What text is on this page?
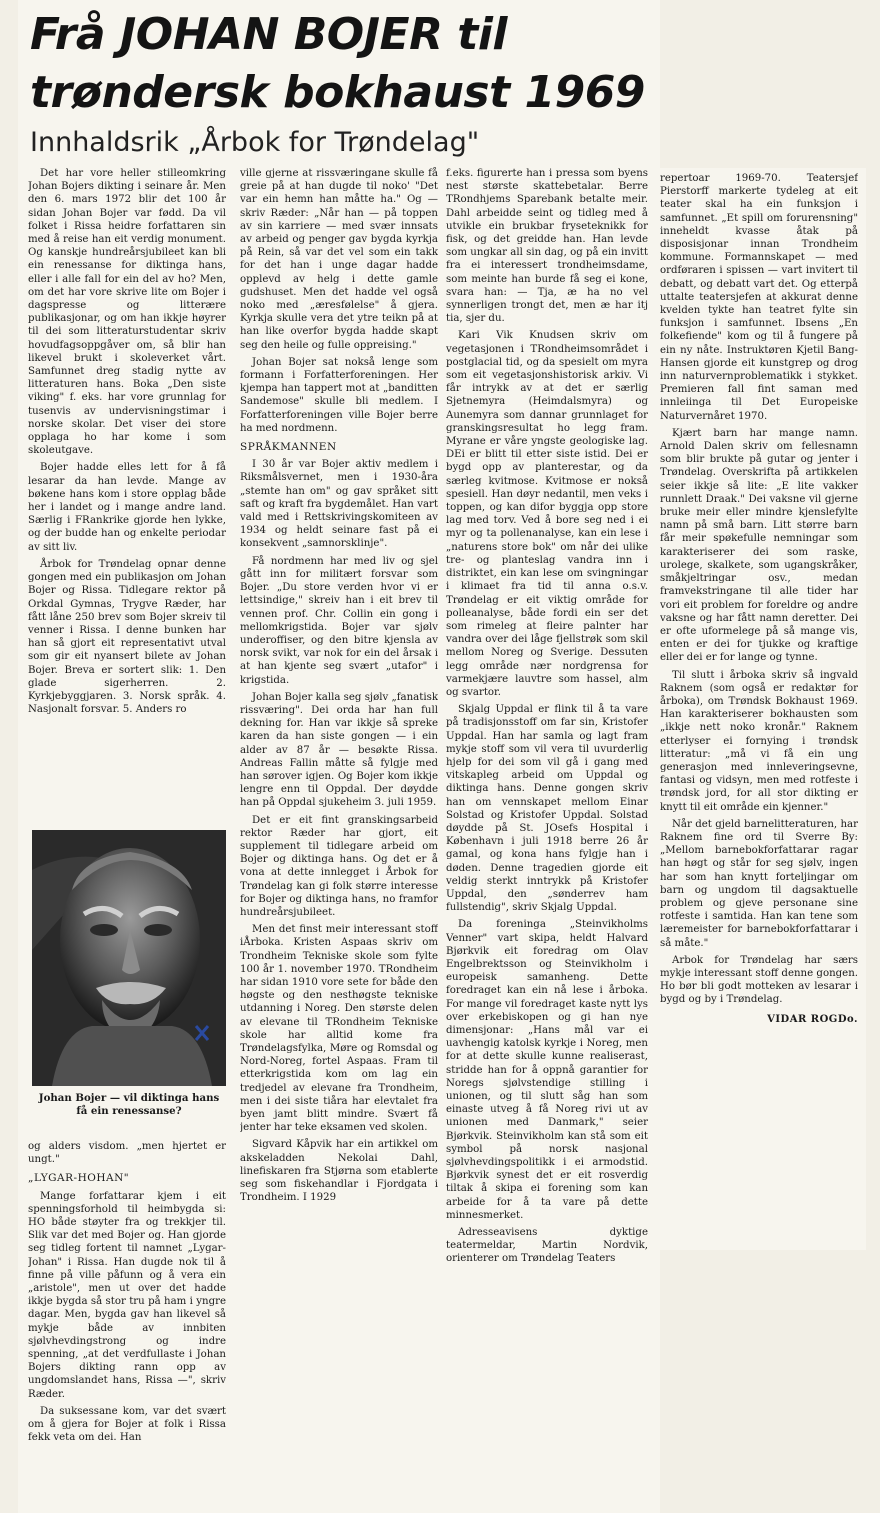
Frå JOHAN BOJER til
trøndersk bokhaust 1969
Innhaldsrik „Årbok for Trøndelag"

Det har vore heller stilleomkring Johan Bojers dikting i seinare år. Men den 6. mars 1972 blir det 100 år sidan Johan Bojer var fødd. Da vil folket i Rissa heidre forfattaren sin med å reise han eit verdig monument. Og kanskje hundreårsjubileet kan bli ein renessanse for diktinga hans, eller i alle fall for ein del av ho? Men, om det har vore skrive lite om Bojer i dagspresse og litterære publikasjonar, og om han ikkje høyrer til dei som litteraturstudentar skriv hovudfagsoppgåver om, så blir han likevel brukt i skoleverket vårt. Samfunnet dreg stadig nytte av litteraturen hans. Boka „Den siste viking" f. eks. har vore grunnlag for tusenvis av undervisningstimar i norske skolar. Det viser dei store opplaga ho har kome i som skoleutgave.

Bojer hadde elles lett for å få lesarar da han levde. Mange av bøkene hans kom i store opplag både her i landet og i mange andre land. Særlig i FRankrike gjorde hen lykke, og der budde han og enkelte periodar av sitt liv.

Årbok for Trøndelag opnar denne gongen med ein publikasjon om Johan Bojer og Rissa. Tidlegare rektor på Orkdal Gymnas, Trygve Ræder, har fått låne 250 brev som Bojer skreiv til venner i Rissa. I denne bunken har han så gjort eit representativt utval som gir eit nyansert bilete av Johan Bojer. Breva er sortert slik: 1. Den glade sigerherren. 2. Kyrkjebyggjaren. 3. Norsk språk. 4. Nasjonalt forsvar. 5. Anders ro

Johan Bojer — vil diktinga hans få ein renessanse?

og alders visdom. „men hjertet er ungt."

„LYGAR-HOHAN"

Mange forfattarar kjem i eit spenningsforhold til heimbygda si: HO både støyter fra og trekkjer til. Slik var det med Bojer og. Han gjorde seg tidleg fortent til namnet „Lygar-Johan" i Rissa. Han dugde nok til å finne på ville påfunn og å vera ein „aristole", men ut over det hadde ikkje bygda så stor tru på ham i yngre dagar. Men, bygda gav han likevel så mykje både av innbiten sjølvhevdingstrong og indre spenning, „at det verdfullaste i Johan Bojers dikting rann opp av ungdomslandet hans, Rissa —", skriv Ræder.

Da suksessane kom, var det svært om å gjera for Bojer at folk i Rissa fekk veta om dei. Han

ville gjerne at rissværingane skulle få greie på at han dugde til noko' "Det var ein hemn han måtte ha." Og — skriv Ræder: „Når han — på toppen av sin karriere — med svær innsats av arbeid og penger gav bygda kyrkja på Rein, så var det vel som ein takk for det han i unge dagar hadde opplevd av helg i dette gamle gudshuset. Men det hadde vel også noko med „æresfølelse" å gjera. Kyrkja skulle vera det ytre teikn på at han like overfor bygda hadde skapt seg den heile og fulle oppreising."

Johan Bojer sat nokså lenge som formann i Forfatterforeningen. Her kjempa han tappert mot at „banditten Sandemose" skulle bli medlem. I Forfatterforeningen ville Bojer berre ha med nordmenn.

SPRÅKMANNEN

I 30 år var Bojer aktiv medlem i Riksmålsvernet, men i 1930-åra „stemte han om" og gav språket sitt saft og kraft fra bygdemålet. Han vart vald med i Rettskrivingskomiteen av 1934 og heldt seinare fast på ei konsekvent „samnorsklinje".

Få nordmenn har med liv og sjel gått inn for militært forsvar som Bojer. „Du store verden hvor vi er lettsindige," skreiv han i eit brev til vennen prof. Chr. Collin ein gong i mellomkrigstida. Bojer var sjølv underoffiser, og den bitre kjensla av norsk svikt, var nok for ein del årsak i at han kjente seg svært „utafor" i krigstida.

Johan Bojer kalla seg sjølv „fanatisk rissværing". Dei orda har han full dekning for. Han var ikkje så spreke karen da han siste gongen — i ein alder av 87 år — besøkte Rissa. Andreas Fallin måtte så fylgje med han sørover igjen. Og Bojer kom ikkje lengre enn til Oppdal. Der døydde han på Oppdal sjukeheim 3. juli 1959.

Det er eit fint granskingsarbeid rektor Ræder har gjort, eit supplement til tidlegare arbeid om Bojer og diktinga hans. Og det er å vona at dette innlegget i Årbok for Trøndelag kan gi folk større interesse for Bojer og diktinga hans, no framfor hundreårsjubileet.

Men det finst meir interessant stoff iÅrboka. Kristen Aspaas skriv om Trondheim Tekniske skole som fylte 100 år 1. november 1970. TRondheim har sidan 1910 vore sete for både den høgste og den nesthøgste tekniske utdanning i Noreg. Den største delen av elevane til TRondheim Tekniske skole har alltid kome fra Trøndelagsfylka, Møre og Romsdal og Nord-Noreg, fortel Aspaas. Fram til etterkrigstida kom om lag ein tredjedel av elevane fra Trondheim, men i dei siste tiåra har elevtalet fra byen jamt blitt mindre. Svært få jenter har teke eksamen ved skolen.

Sigvard Kåpvik har ein artikkel om akskeladden Nekolai Dahl, linefiskaren fra Stjørna som etablerte seg som fiskehandlar i Fjordgata i Trondheim. I 1929

f.eks. figurerte han i pressa som byens nest største skattebetalar. Berre TRondhjems Sparebank betalte meir. Dahl arbeidde seint og tidleg med å utvikle ein brukbar fryseteknikk for fisk, og det greidde han. Han levde som ungkar all sin dag, og på ein invitt fra ei interessert trondheimsdame, som meinte han burde få seg ei kone, svara han: — Tja, æ ha no vel synnerligen trongt det, men æ har itj tia, sjer du.

Kari Vik Knudsen skriv om vegetasjonen i TRondheimsområdet i postglacial tid, og da spesielt om myra som eit vegetasjonshistorisk arkiv. Vi får intrykk av at det er særlig Sjetnemyra (Heimdalsmyra) og Aunemyra som dannar grunnlaget for granskingsresultat ho legg fram. Myrane er våre yngste geologiske lag. DEi er blitt til etter siste istid. Dei er bygd opp av planterestar, og da særleg kvitmose. Kvitmose er nokså spesiell. Han døyr nedantil, men veks i toppen, og kan difor byggja opp store lag med torv. Ved å bore seg ned i ei myr og ta pollenanalyse, kan ein lese i „naturens store bok" om når dei ulike tre- og planteslag vandra inn i distriktet, ein kan lese om svingningar i klimaet fra tid til anna o.s.v. Trøndelag er eit viktig område for polleanalyse, både fordi ein ser det som rimeleg at fleire palnter har vandra over dei låge fjellstrøk som skil mellom Noreg og Sverige. Dessuten legg område nær nordgrensa for varmekjære lauvtre som hassel, alm og svartor.

Skjalg Uppdal er flink til å ta vare på tradisjonsstoff om far sin, Kristofer Uppdal. Han har samla og lagt fram mykje stoff som vil vera til uvurderlig hjelp for dei som vil gå i gang med vitskapleg arbeid om Uppdal og diktinga hans. Denne gongen skriv han om vennskapet mellom Einar Solstad og Kristofer Uppdal. Solstad døydde på St. JOsefs Hospital i København i juli 1918 berre 26 år gamal, og kona hans fylgje han i døden. Denne tragedien gjorde eit veldig sterkt inntrykk på Kristofer Uppdal, den „sønderrev ham fullstendig", skriv Skjalg Uppdal.

Da foreninga „Steinvikholms Venner" vart skipa, heldt Halvard Bjørkvik eit foredrag om Olav Engelbrektsson og Steinvikholm i europeisk samanheng. Dette foredraget kan ein nå lese i årboka. For mange vil foredraget kaste nytt lys over erkebiskopen og gi han nye dimensjonar: „Hans mål var ei uavhengig katolsk kyrkje i Noreg, men for at dette skulle kunne realiserast, stridde han for å oppnå garantier for Noregs sjølvstendige stilling i unionen, og til slutt såg han som einaste utveg å få Noreg rivi ut av unionen med Danmark," seier Bjørkvik. Steinvikholm kan stå som eit symbol på norsk nasjonal sjølvhevdingspolitikk i ei armodstid. Bjørkvik synest det er eit rosverdig tiltak å skipa ei forening som kan arbeide for å ta vare på dette minnesmerket.

Adresseavisens dyktige teatermeldar, Martin Nordvik, orienterer om Trøndelag Teaters

repertoar 1969-70. Teatersjef Pierstorff markerte tydeleg at eit teater skal ha ein funksjon i samfunnet. „Et spill om forurensning" inneheldt kvasse åtak på disposisjonar innan Trondheim kommune. Formannskapet — med ordføraren i spissen — vart invitert til debatt, og debatt vart det. Og etterpå uttalte teatersjefen at akkurat denne kvelden tykte han teatret fylte sin funksjon i samfunnet. Ibsens „En folkefiende" kom og til å fungere på ein ny nåte. Instruktøren Kjetil Bang-Hansen gjorde eit kunstgrep og drog inn naturvernproblematikk i stykket. Premieren fall fint saman med innleiinga til Det Europeiske Naturvernåret 1970.

Kjært barn har mange namn. Arnold Dalen skriv om fellesnamn som blir brukte på gutar og jenter i Trøndelag. Overskrifta på artikkelen seier ikkje så lite: „E lite vakker runnlett Draak." Dei vaksne vil gjerne bruke meir eller mindre kjenslefylte namn på små barn. Litt større barn får meir spøkefulle nemningar som karakteriserer dei som raske, urolege, skalkete, som ugangskråker, småkjeltringar osv., medan framvekstringane til alle tider har vori eit problem for foreldre og andre vaksne og har fått namn deretter. Dei er ofte uformelege på så mange vis, enten er dei for tjukke og kraftige eller dei er for lange og tynne.

Til slutt i årboka skriv så ingvald Raknem (som også er redaktør for årboka), om Trøndsk Bokhaust 1969. Han karakteriserer bokhausten som „ikkje nett noko kronår." Raknem etterlyser ei fornying i trøndsk litteratur: „må vi få ein ung generasjon med innleveringsevne, fantasi og vidsyn, men med rotfeste i trøndsk jord, for all stor dikting er knytt til eit område ein kjenner."

Når det gjeld barnelitteraturen, har Raknem fine ord til Sverre By: „Mellom barnebokforfattarar ragar han høgt og står for seg sjølv, ingen har som han knytt forteljingar om barn og ungdom til dagsaktuelle problem og gjeve personane sine rotfeste i samtida. Han kan tene som læremeister for barnebokforfattarar i så måte."

Arbok for Trøndelag har særs mykje interessant stoff denne gongen. Ho bør bli godt motteken av lesarar i bygd og by i Trøndelag.

VIDAR ROGDo.
